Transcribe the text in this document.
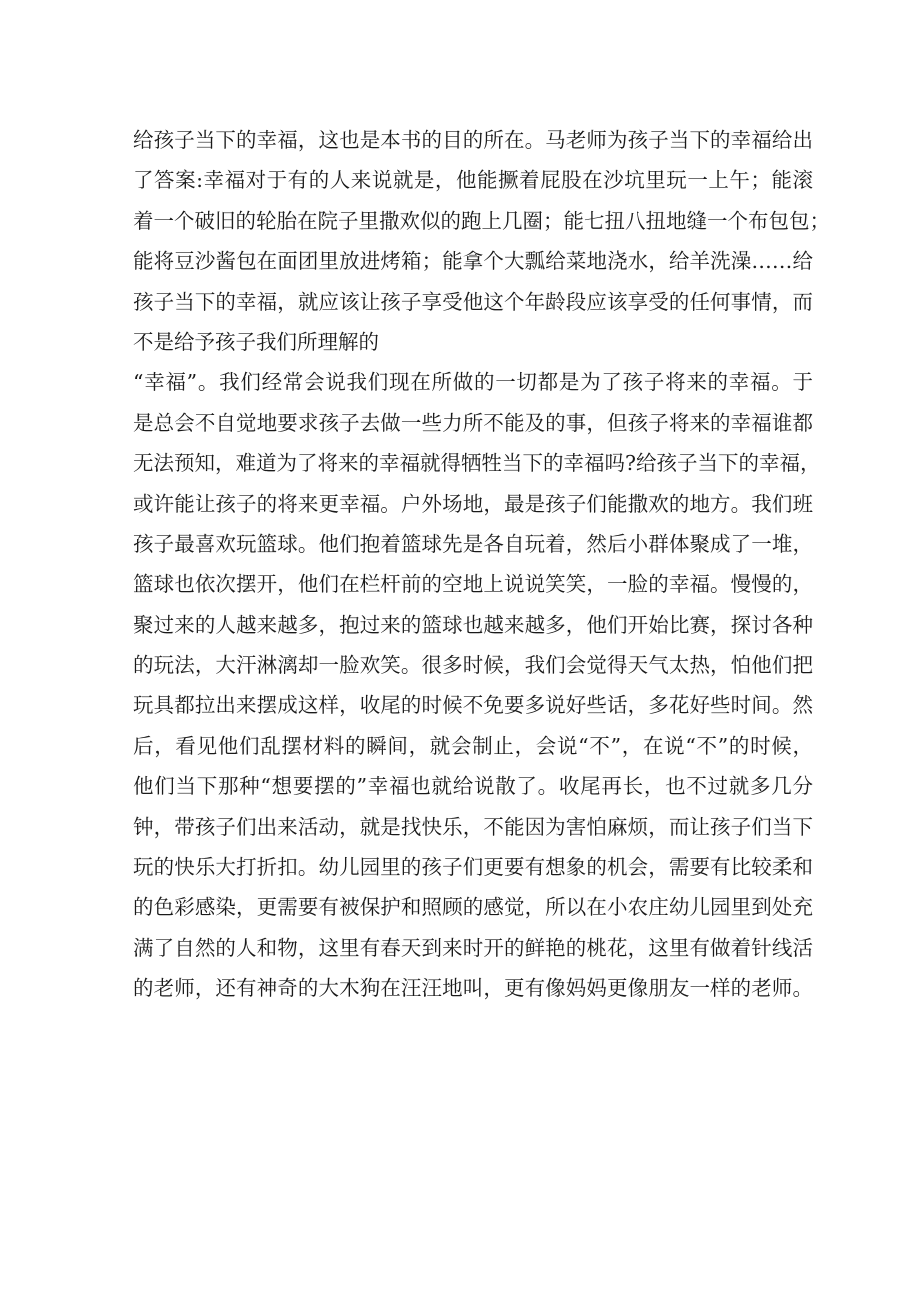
给孩子当下的幸福，这也是本书的目的所在。马老师为孩子当下的幸福给出
了答案:幸福对于有的人来说就是，他能撅着屁股在沙坑里玩一上午；能滚
着一个破旧的轮胎在院子里撒欢似的跑上几圈；能七扭八扭地缝一个布包包；
能将豆沙酱包在面团里放进烤箱；能拿个大瓢给菜地浇水，给羊洗澡……给
孩子当下的幸福，就应该让孩子享受他这个年龄段应该享受的任何事情，而
不是给予孩子我们所理解的
“幸福”。我们经常会说我们现在所做的一切都是为了孩子将来的幸福。于
是总会不自觉地要求孩子去做一些力所不能及的事，但孩子将来的幸福谁都
无法预知，难道为了将来的幸福就得牺牲当下的幸福吗?给孩子当下的幸福，
或许能让孩子的将来更幸福。户外场地，最是孩子们能撒欢的地方。我们班
孩子最喜欢玩篮球。他们抱着篮球先是各自玩着，然后小群体聚成了一堆，
篮球也依次摆开，他们在栏杆前的空地上说说笑笑，一脸的幸福。慢慢的，
聚过来的人越来越多，抱过来的篮球也越来越多，他们开始比赛，探讨各种
的玩法，大汗淋漓却一脸欢笑。很多时候，我们会觉得天气太热，怕他们把
玩具都拉出来摆成这样，收尾的时候不免要多说好些话，多花好些时间。然
后，看见他们乱摆材料的瞬间，就会制止，会说“不”，在说“不”的时候，
他们当下那种“想要摆的”幸福也就给说散了。收尾再长，也不过就多几分
钟，带孩子们出来活动，就是找快乐，不能因为害怕麻烦，而让孩子们当下
玩的快乐大打折扣。幼儿园里的孩子们更要有想象的机会，需要有比较柔和
的色彩感染，更需要有被保护和照顾的感觉，所以在小农庄幼儿园里到处充
满了自然的人和物，这里有春天到来时开的鲜艳的桃花，这里有做着针线活
的老师，还有神奇的大木狗在汪汪地叫，更有像妈妈更像朋友一样的老师。
